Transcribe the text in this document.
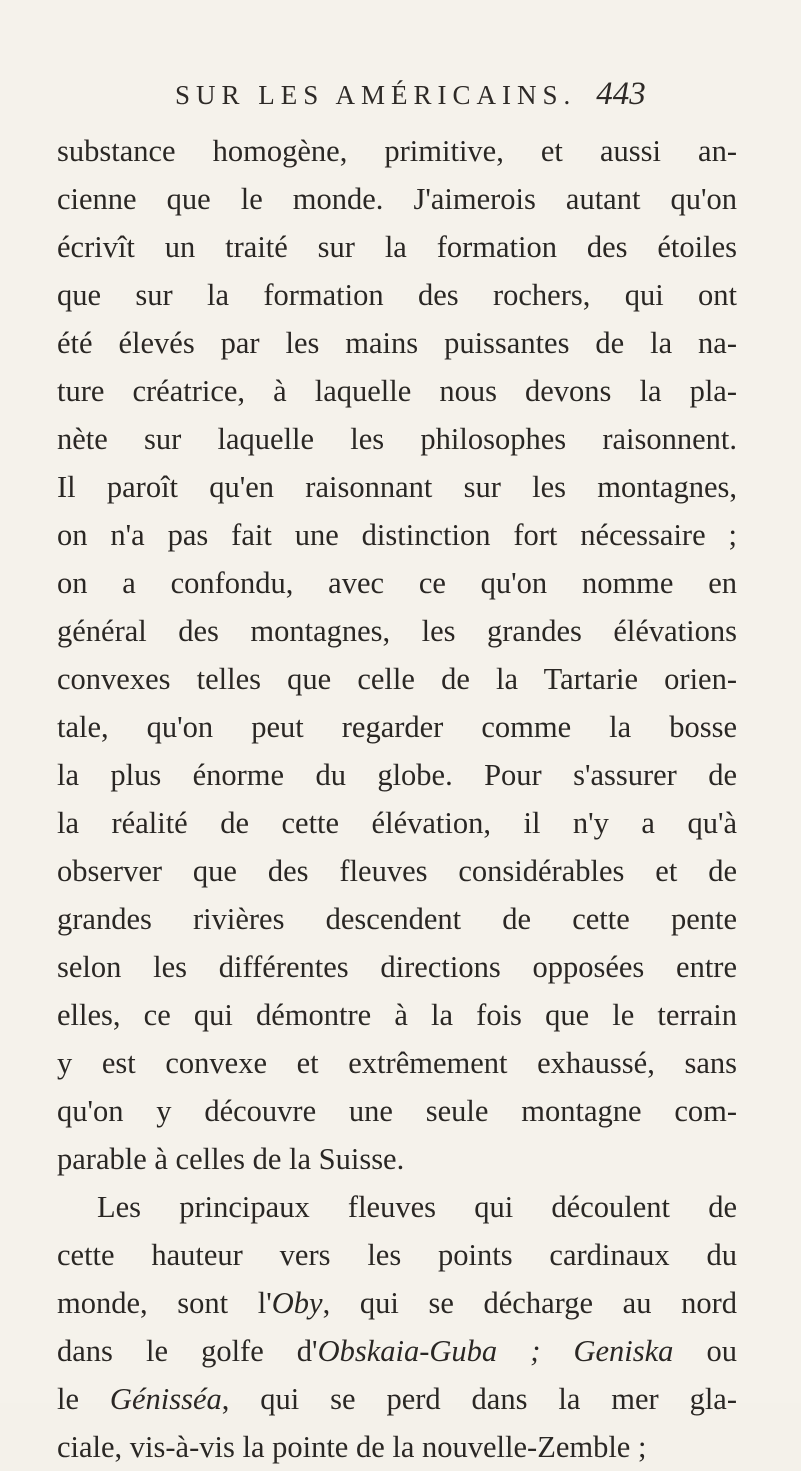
SUR LES AMÉRICAINS. 443
substance homogène, primitive, et aussi an-
cienne que le monde. J'aimerois autant qu'on
écrivît un traité sur la formation des étoiles
que sur la formation des rochers, qui ont
été élevés par les mains puissantes de la na-
ture créatrice, à laquelle nous devons la pla-
nète sur laquelle les philosophes raisonnent.
Il paroît qu'en raisonnant sur les montagnes,
on n'a pas fait une distinction fort nécessaire ;
on a confondu, avec ce qu'on nomme en
général des montagnes, les grandes élévations
convexes telles que celle de la Tartarie orien-
tale, qu'on peut regarder comme la bosse
la plus énorme du globe. Pour s'assurer de
la réalité de cette élévation, il n'y a qu'à
observer que des fleuves considérables et de
grandes rivières descendent de cette pente
selon les différentes directions opposées entre
elles, ce qui démontre à la fois que le terrain
y est convexe et extrêmement exhaussé, sans
qu'on y découvre une seule montagne com-
parable à celles de la Suisse.
Les principaux fleuves qui découlent de
cette hauteur vers les points cardinaux du
monde, sont l'Oby, qui se décharge au nord
dans le golfe d'Obskaia-Guba ; Geniska ou
le Génisséa, qui se perd dans la mer gla-
ciale, vis-à-vis la pointe de la nouvelle-Zemble ;
